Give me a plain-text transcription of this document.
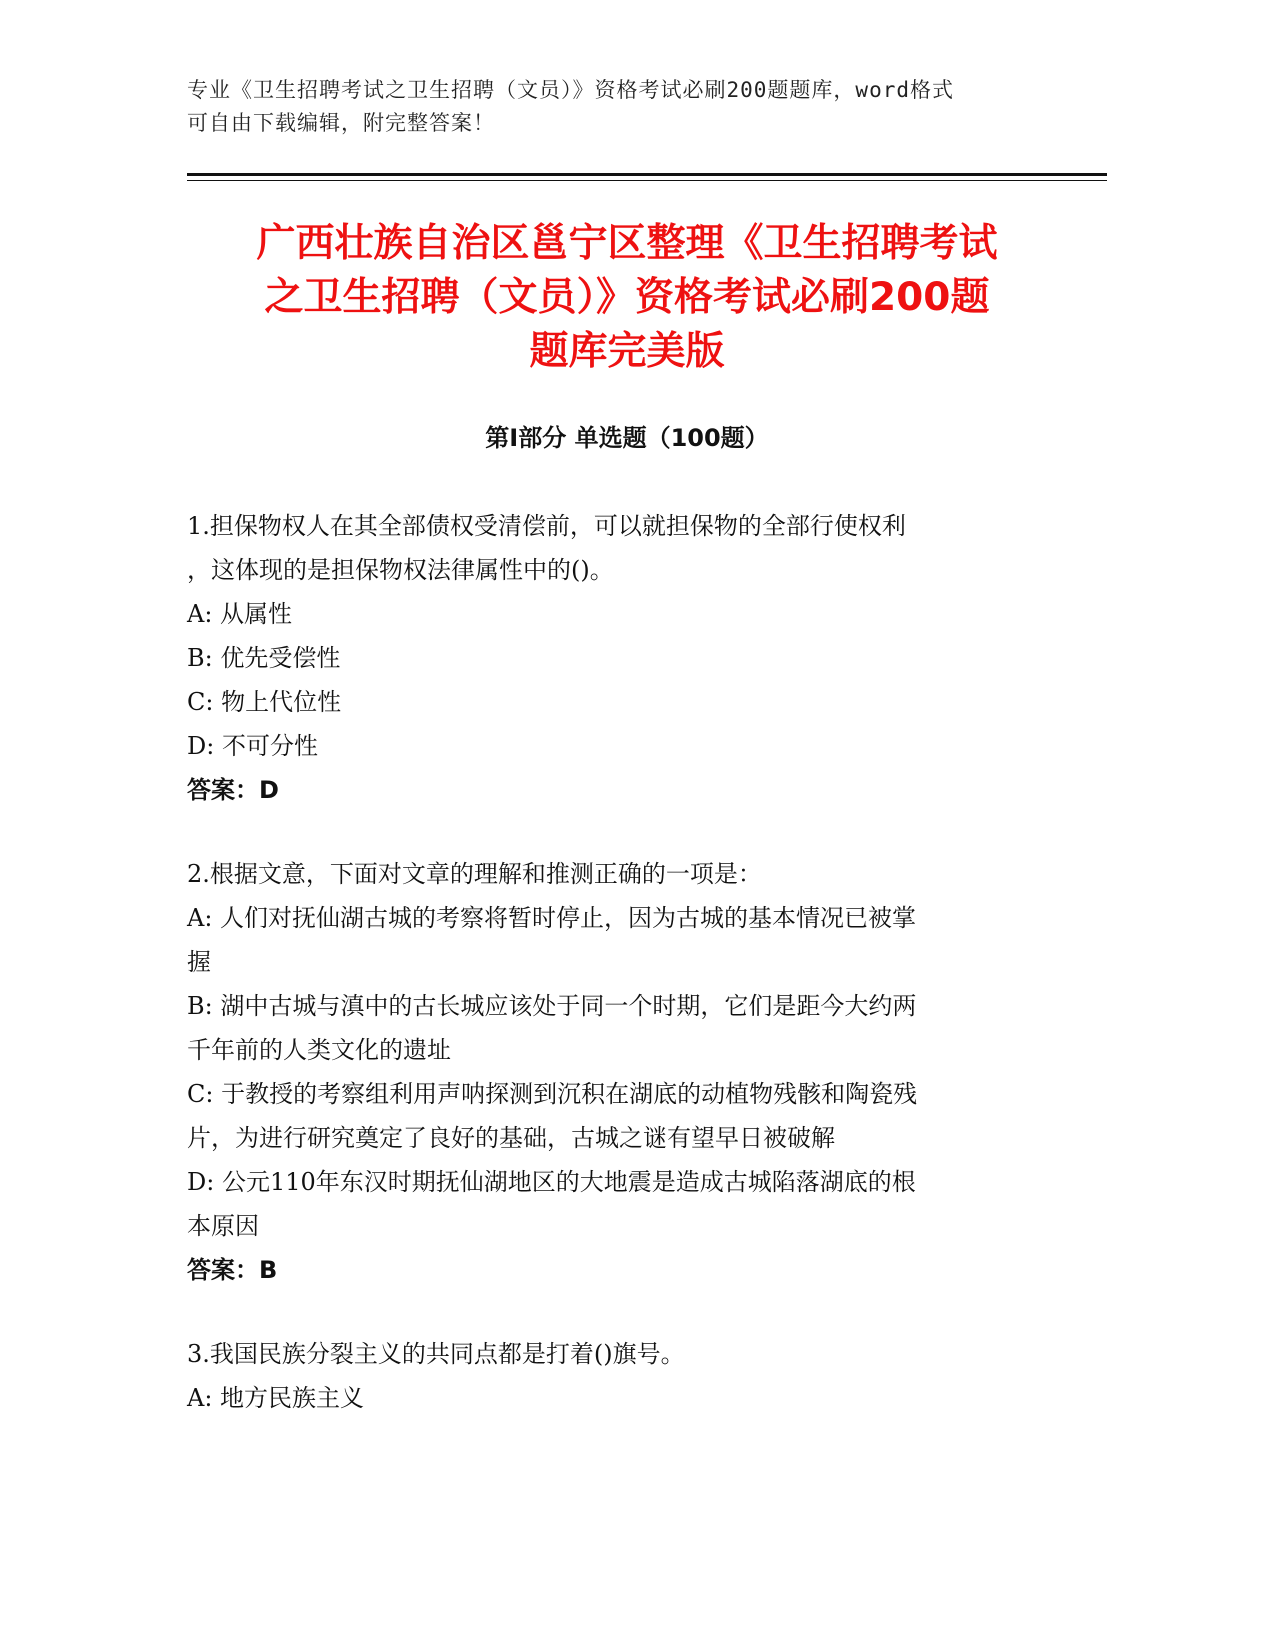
专业《卫生招聘考试之卫生招聘（文员）》资格考试必刷200题题库，word格式
可自由下载编辑，附完整答案！
广西壮族自治区邕宁区整理《卫生招聘考试
之卫生招聘（文员）》资格考试必刷200题
题库完美版
第I部分 单选题（100题）
1.担保物权人在其全部债权受清偿前，可以就担保物的全部行使权利
，这体现的是担保物权法律属性中的()。
A: 从属性
B: 优先受偿性
C: 物上代位性
D: 不可分性
答案：D
2.根据文意，下面对文章的理解和推测正确的一项是：
A: 人们对抚仙湖古城的考察将暂时停止，因为古城的基本情况已被掌
握
B: 湖中古城与滇中的古长城应该处于同一个时期，它们是距今大约两
千年前的人类文化的遗址
C: 于教授的考察组利用声呐探测到沉积在湖底的动植物残骸和陶瓷残
片，为进行研究奠定了良好的基础，古城之谜有望早日被破解
D: 公元110年东汉时期抚仙湖地区的大地震是造成古城陷落湖底的根
本原因
答案：B
3.我国民族分裂主义的共同点都是打着()旗号。
A: 地方民族主义
